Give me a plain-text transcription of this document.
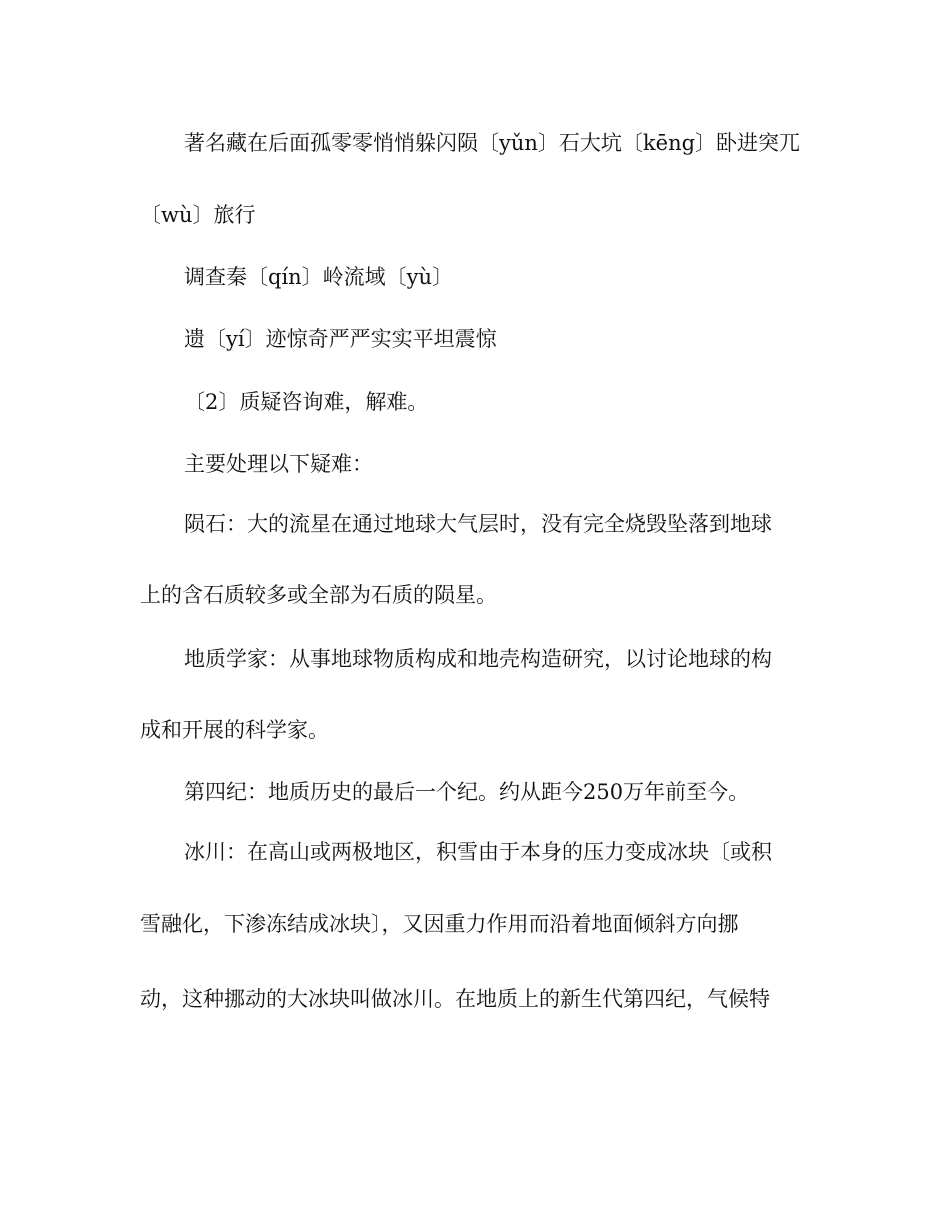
著名藏在后面孤零零悄悄躲闪陨〔yǔn〕石大坑〔kēng〕卧进突兀
〔wù〕旅行
调查秦〔qín〕岭流域〔yù〕
遗〔yí〕迹惊奇严严实实平坦震惊
〔2〕质疑咨询难，解难。
主要处理以下疑难：
陨石：大的流星在通过地球大气层时，没有完全烧毁坠落到地球
上的含石质较多或全部为石质的陨星。
地质学家：从事地球物质构成和地壳构造研究，以讨论地球的构
成和开展的科学家。
第四纪：地质历史的最后一个纪。约从距今250万年前至今。
冰川：在高山或两极地区，积雪由于本身的压力变成冰块〔或积
雪融化，下渗冻结成冰块〕，又因重力作用而沿着地面倾斜方向挪
动，这种挪动的大冰块叫做冰川。在地质上的新生代第四纪，气候特
